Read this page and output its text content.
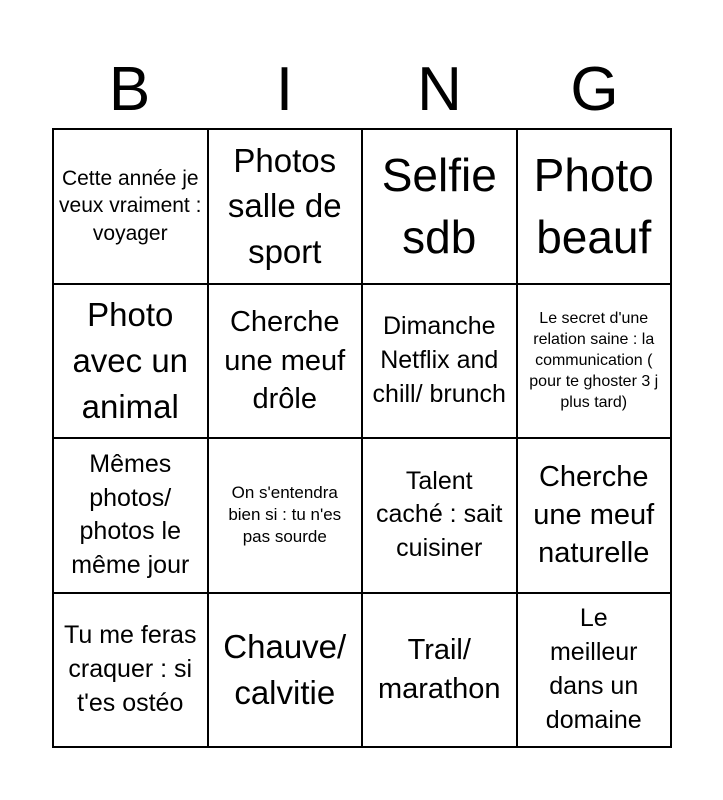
B	I	N	G
Cette année je veux vraiment : voyager
Photos salle de sport
Selfie sdb
Photo beauf
Photo avec un animal
Cherche une meuf drôle
Dimanche Netflix and chill/ brunch
Le secret d'une relation saine : la communication ( pour te ghoster 3 j plus tard)
Mêmes photos/ photos le même jour
On s'entendra bien si : tu n'es pas sourde
Talent caché : sait cuisiner
Cherche une meuf naturelle
Tu me feras craquer : si t'es ostéo
Chauve/ calvitie
Trail/ marathon
Le meilleur dans un domaine
